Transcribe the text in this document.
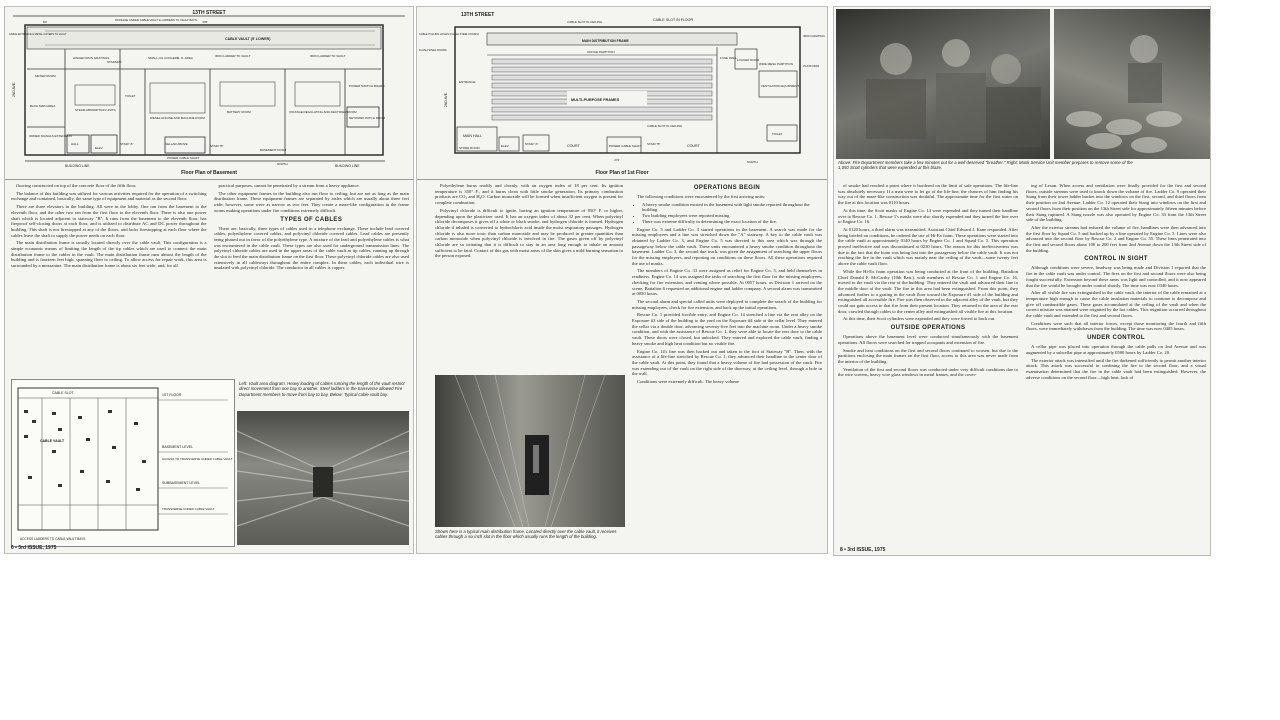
13TH STREET
80'	378'
PASSAGE UNDER CABLE VAULT & LADDERS TO VAULT BAYS
CABLE VAULT (5' LOWER)
CABLE ENTRANCE & METAL COVERS TO VAULT
METER ROOM
HINGED IRON GRATINGS
STAIRWAY
SMALL OIL COOLERS
C. O. AREA	IRON LADDER TO VAULT	IRON LADDER TO VAULT
BLDG MAIN AREA
STEAM ABSORPTION UNITS
DIESEL ENGINE AND MACHINE ROOM
BATTERY ROOM	VOLTAGE REGULATING AND RECTIFIER ROOM
POWER SWITCH BOARD
NETWORK PATCH ROOM
TOILET
ORDER SIGNALS EXTENSION
HALL
ELEV.
STAIR "A"
POWER CABLE SHAFT
STAIR "B"
BASEMENT DOOR
CELLAR ABOVE
BUILDING LINE	BUILDING LINE
NORTH
2ND AVE.
Floor Plan of Basement

flooring constructed on top of the concrete floor of the fifth floor.

The balance of this building was utilized for various activities required for the operation of a switching exchange and contained, basically, the same type of equipment and material as the second floor.

There are three elevators in the building. All were in the lobby. One ran from the basement to the eleventh floor, and the other two ran from the first floor to the eleventh floor. There is also one power shaft which is located adjacent to stairway "B". It runs from the basement to the eleventh floor, has fireproof self-closing doors at each floor, and is utilized to distribute AC and DC power throughout the building. This shaft is not firestopped at any of the floors, and lacks firestopping at each floor where the cables leave the shaft to supply the power needs on each floor.

The main distribution frame is usually located directly over the cable vault. This configuration is a simple economic means of limiting the length of the tip cables which are used to connect the main distribution frame to the cables in the vault. The main distribution frame runs almost the length of the building and is fourteen feet high, spanning floor to ceiling. To allow access for repair work, this area is surrounded by a mezzanine. The main distribution frame is about six feet wide, and, for all

practical purposes, cannot be penetrated by a stream from a heavy appliance.

The other equipment frames in the building also run floor to ceiling, but are not as long as the main distribution frame. These equipment frames are separated by aisles which are usually about three feet wide; however, some were as narrow as two feet. They create a maze-like configuration in the frame rooms making operations under fire conditions extremely difficult.

TYPES OF CABLES

There are, basically, three types of cables used in a telephone exchange. These include lead covered cables, polyethylene covered cables, and polyvinyl chloride covered cables. Lead cables are presently being phased out in favor of the polyethylene type. A mixture of the lead and polyethylene cables is what was encountered in the cable vault. These types are also used for underground transmission lines. The polyvinyl chloride cables are used in the upper areas of the cable vault as tip cables, running up through the slot to feed the main distribution frame on the first floor. These polyvinyl chloride cables are also used extensively in all cableways throughout the entire complex. In these cables, each individual wire is insulated with polyvinyl chloride. The conductor in all cables is copper.

CABLE SLOT	1ST FLOOR
CABLE VAULT
BASEMENT LEVEL
ACCESS TO TRANSVERSE UNDER CABLE VAULT
SUBBASEMENT LEVEL
TRANSVERSE UNDER CABLE VAULT
ACCESS LADDERS TO CABLE VAULT BAYS
Left: Vault area diagram. Heavy loading of cables running the length of the vault restrict direct movement from one bay to another. Steel ladders in the transverse allowed Fire Department members to move from bay to bay. Below: Typical cable vault bay.
6 • 3rd ISSUE, 1975
13TH STREET
CABLE SLOT IN CEILING	CABLE SLOT IN FLOOR
CABLE PULLING HOLES (FLUSH STEEL DOORS)
FLUSH STEEL DOORS
MAIN DISTRIBUTION FRAME
OFFICE PARTITION
MULTI-PURPOSE FRAMES
ENTRANCE
FUSE WALL LOCKED DOOR
WIRE MESH PARTITION
VENTILATION EQUIPMENT
TOILET
MAIN HALL
STORE ROOM	ELEV.	STAIR "A"	COURT	POWER CABLE SHAFT STAIR "B"	COURT
PLATFORM
IRON GRATING
CABLE SLOT IN CEILING
274'	NORTH
2ND AVE.
Floor Plan of 1st Floor

Polyethylene burns readily and cleanly, with an oxygen index of 18 per cent. Its ignition temperature is 350° F., and it burns clean with little smoke generation. Its primary combustion products are CO₂ and H₂O. Carbon monoxide will be formed when insufficient oxygen is present for complete combustion.

Polyvinyl chloride is difficult to ignite, having an ignition temperature of 850° F. or higher, depending upon the plasticizer used. It has an oxygen index of about 32 per cent. When polyvinyl chloride decomposes it gives off a white or black smoke, and hydrogen chloride is formed. Hydrogen chloride if inhaled is converted to hydrochloric acid inside the moist respiratory passages. Hydrogen chloride is also more toxic than carbon monoxide and may be produced in greater quantities than carbon monoxide when polyvinyl chloride is involved in fire. The gases given off by polyvinyl chloride are so irritating that it is difficult to stay in an area long enough to inhale an amount sufficient to be fatal. Contact of this gas with moist areas of the skin gives a mild burning sensation to the person exposed.

Shown here is a typical main distribution frame. Located directly over the cable vault, it receives cables through a six inch slot in the floor which usually runs the length of the building.
OPERATIONS BEGIN

The following conditions were encountered by the first arriving units:

• A heavy smoke condition existed in the basement with light smoke reported throughout the building.
• Two building employees were reported missing.
• There was extreme difficulty in determining the exact location of the fire.

Engine Co. 5 and Ladder Co. 3 started operations in the basement. A search was made for the missing employees and a line was stretched down the "A" stairway. A key to the cable vault was obtained by Ladder Co. 3, and Engine Co. 5 was directed to this area which was through the passageway below the cable vault. These units encountered a heavy smoke condition throughout the basement. Ladder Co. 3, the second due truck, was given the assignment of searching the upper floors for the missing employees, and reporting on conditions on these floors. All these operations required the use of masks.

The members of Engine Co. 33 were assigned as relief for Engine Co. 5, and held themselves in readiness. Engine Co. 14 was assigned the tasks of searching the first floor for the missing employees, checking for fire extension, and venting where possible. At 0057 hours, as Division 1 arrived on the scene, Battalion 6 requested an additional engine and ladder company. A second alarm was transmitted at 0050 hours.

The second alarm and special called units were deployed to complete the search of the building for missing employees, check for fire extension, and back up the initial operations.

Rescue Co. 1 provided forcible entry, and Engine Co. 14 stretched a line via the rear alley on the Exposure #3 side of the building to the yard on the Exposure #4 side at the cellar level. They entered the cellar via a double door, advancing seventy-five feet into the machine room. Under a heavy smoke condition, and with the assistance of Rescue Co. 1, they were able to locate the rear door to the cable vault. These doors were closed, but unlocked. They entered and explored the cable vault, finding a heavy smoke and high heat condition but no visible fire.

Engine Co. 14's line was then backed out and taken to the foot of Stairway "B". Then, with the assistance of a life-line stretched by Rescue Co. 1, they advanced their handline to the center door of the cable vault. At this point, they found that a heavy volume of fire had possession of the vault. Fire was extending out of the vault on the right side of the doorway, at the ceiling level, through a hole in the wall.

Conditions were extremely difficult. The heavy volume

Above: Fire Department members take a few minutes out for a well deserved "breather." Right: Mask Service Unit member prepares to remove some of the 1,050 Scott cylinders that were expended at this blaze.

of smoke had reached a point where it bordered on the limit of safe operations. The life-line was absolutely necessary. If a man were to let go of the life-line, the chances of him finding his way out of the maze-like construction was doubtful. The approximate time for the first water on the fire at this location was 0110 hours.

At this time, the Scott masks of Engine Co. 14 were expended and they turned their handline over to Rescue Co. 1. Rescue 1's masks were also shortly expended and they turned the line over to Engine Co. 16.

At 0120 hours, a third alarm was transmitted. Assistant Chief Edward J. Kane responded. After being briefed on conditions, he ordered the use of Hi-Ex foam. These operations were started into the cable vault at approximately 0140 hours by Engine Co. 1 and Squad Co. 5. This operation proved ineffective and was discontinued at 0230 hours. The reason for this ineffectiveness was due to the fact that the foam was being lost into the passageway below the cable vault. It was not reaching the fire in the vault which was mainly near the ceiling of the vault—some twenty feet above the cable vault floor.

While the Hi-Ex foam operation was being conducted at the front of the building, Battalion Chief Donald F. McCarthy (10th Batt.), with members of Rescue Co. 1 and Engine Co. 16, moved to the vault via the rear of the building. They entered the vault and advanced their line to the middle door of the vault. The fire in this area had been extinguished. From this point, they advanced further to a grating in the vault floor toward the Exposure #1 side of the building and extinguished all accessible fire. Fire was then observed in the adjacent alley of the vault, but they could not gain access to that fire from their present location. They returned to the area of the rear door, crawled through cables to the center alley and extinguished all visible fire at this location.

At this time, their Scott cylinders were expended and they were forced to back out.

OUTSIDE OPERATIONS

Operations above the basement level were conducted simultaneously with the basement operations. All floors were searched for trapped occupants and extension of fire.

Smoke and heat conditions on the first and second floors continued to worsen, but due to the partitions enclosing the main frames on the first floor, access to this area was never made from the interior of the building.

Ventilation of the first and second floors was conducted under very difficult conditions due to the wire screens, heavy wire glass windows in metal frames, and the cover-

ing of Lexan. When access and ventilation were finally provided for the first and second floors, outside streams were used to knock down the volume of fire. Ladder Co. 9 operated their Stang from their tower ladder bucket into the windows on the first, second, and third floors from their position on 2nd Avenue. Ladder Co. 12 operated their Stang into windows on the first and second floors from their position on the 13th Street side for approximately fifteen minutes before their Stang ruptured. A Stang nozzle was also operated by Engine Co. 33 from the 13th Street side of the building.

After the exterior streams had reduced the volume of fire, handlines were then advanced into the first floor by Squad Co. 5 and backed up by a line operated by Engine Co. 5. Lines were also advanced into the second floor by Rescue Co. 2 and Engine Co. 55. These lines penetrated into the first and second floors about 100 to 200 feet from 2nd Avenue down the 13th Street side of the building.

CONTROL IN SIGHT

Although conditions were severe, headway was being made and Division 1 reported that the fire in the cable vault was under control. The fires on the first and second floors were also being fought successfully. Extension beyond these areas was light and controlled, and it now appeared that the fire would be brought under control shortly. The time was now 0340 hours.

After all visible fire was extinguished in the cable vault, the interior of the cable remained at a temperature high enough to cause the cable insulation materials to continue to decompose and give off combustible gases. These gases accumulated at the ceiling of the vault and when the correct mixture was attained were reignited by the hot cables. This reignition occurred throughout the cable vault and extended to the first and second floors.

Conditions were such that all interior forces, except those monitoring the fourth and fifth floors, were immediately withdrawn from the building. The time was now 0405 hours.

UNDER CONTROL

A cellar pipe was placed into operation through the cable pulls on 2nd Avenue and was augmented by a subcellar pipe at approximately 0500 hours by Ladder Co. 20.

The exterior attack was intensified until the fire darkened sufficiently to permit another interior attack. This attack was successful in confining the fire to the second floor, and a visual examination determined that the fire in the cable vault had been extinguished. However, the adverse conditions on the second floor—high heat, lack of

8 • 3rd ISSUE, 1975
